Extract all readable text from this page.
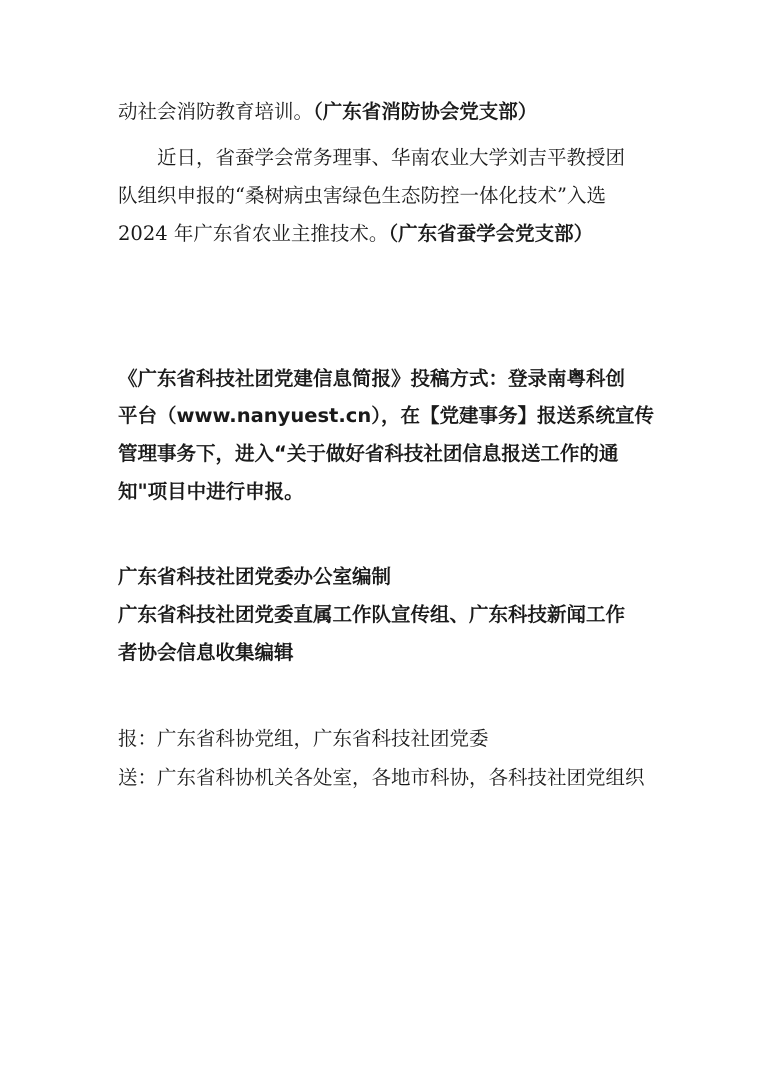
动社会消防教育培训。（广东省消防协会党支部）
近日，省蚕学会常务理事、华南农业大学刘吉平教授团
队组织申报的“桑树病虫害绿色生态防控一体化技术”入选
2024 年广东省农业主推技术。（广东省蚕学会党支部）
《广东省科技社团党建信息简报》投稿方式：登录南粤科创
平台（www.nanyuest.cn），在【党建事务】报送系统宣传
管理事务下，进入“关于做好省科技社团信息报送工作的通
知"项目中进行申报。
广东省科技社团党委办公室编制
广东省科技社团党委直属工作队宣传组、广东科技新闻工作
者协会信息收集编辑
报：广东省科协党组，广东省科技社团党委
送：广东省科协机关各处室，各地市科协，各科技社团党组织
